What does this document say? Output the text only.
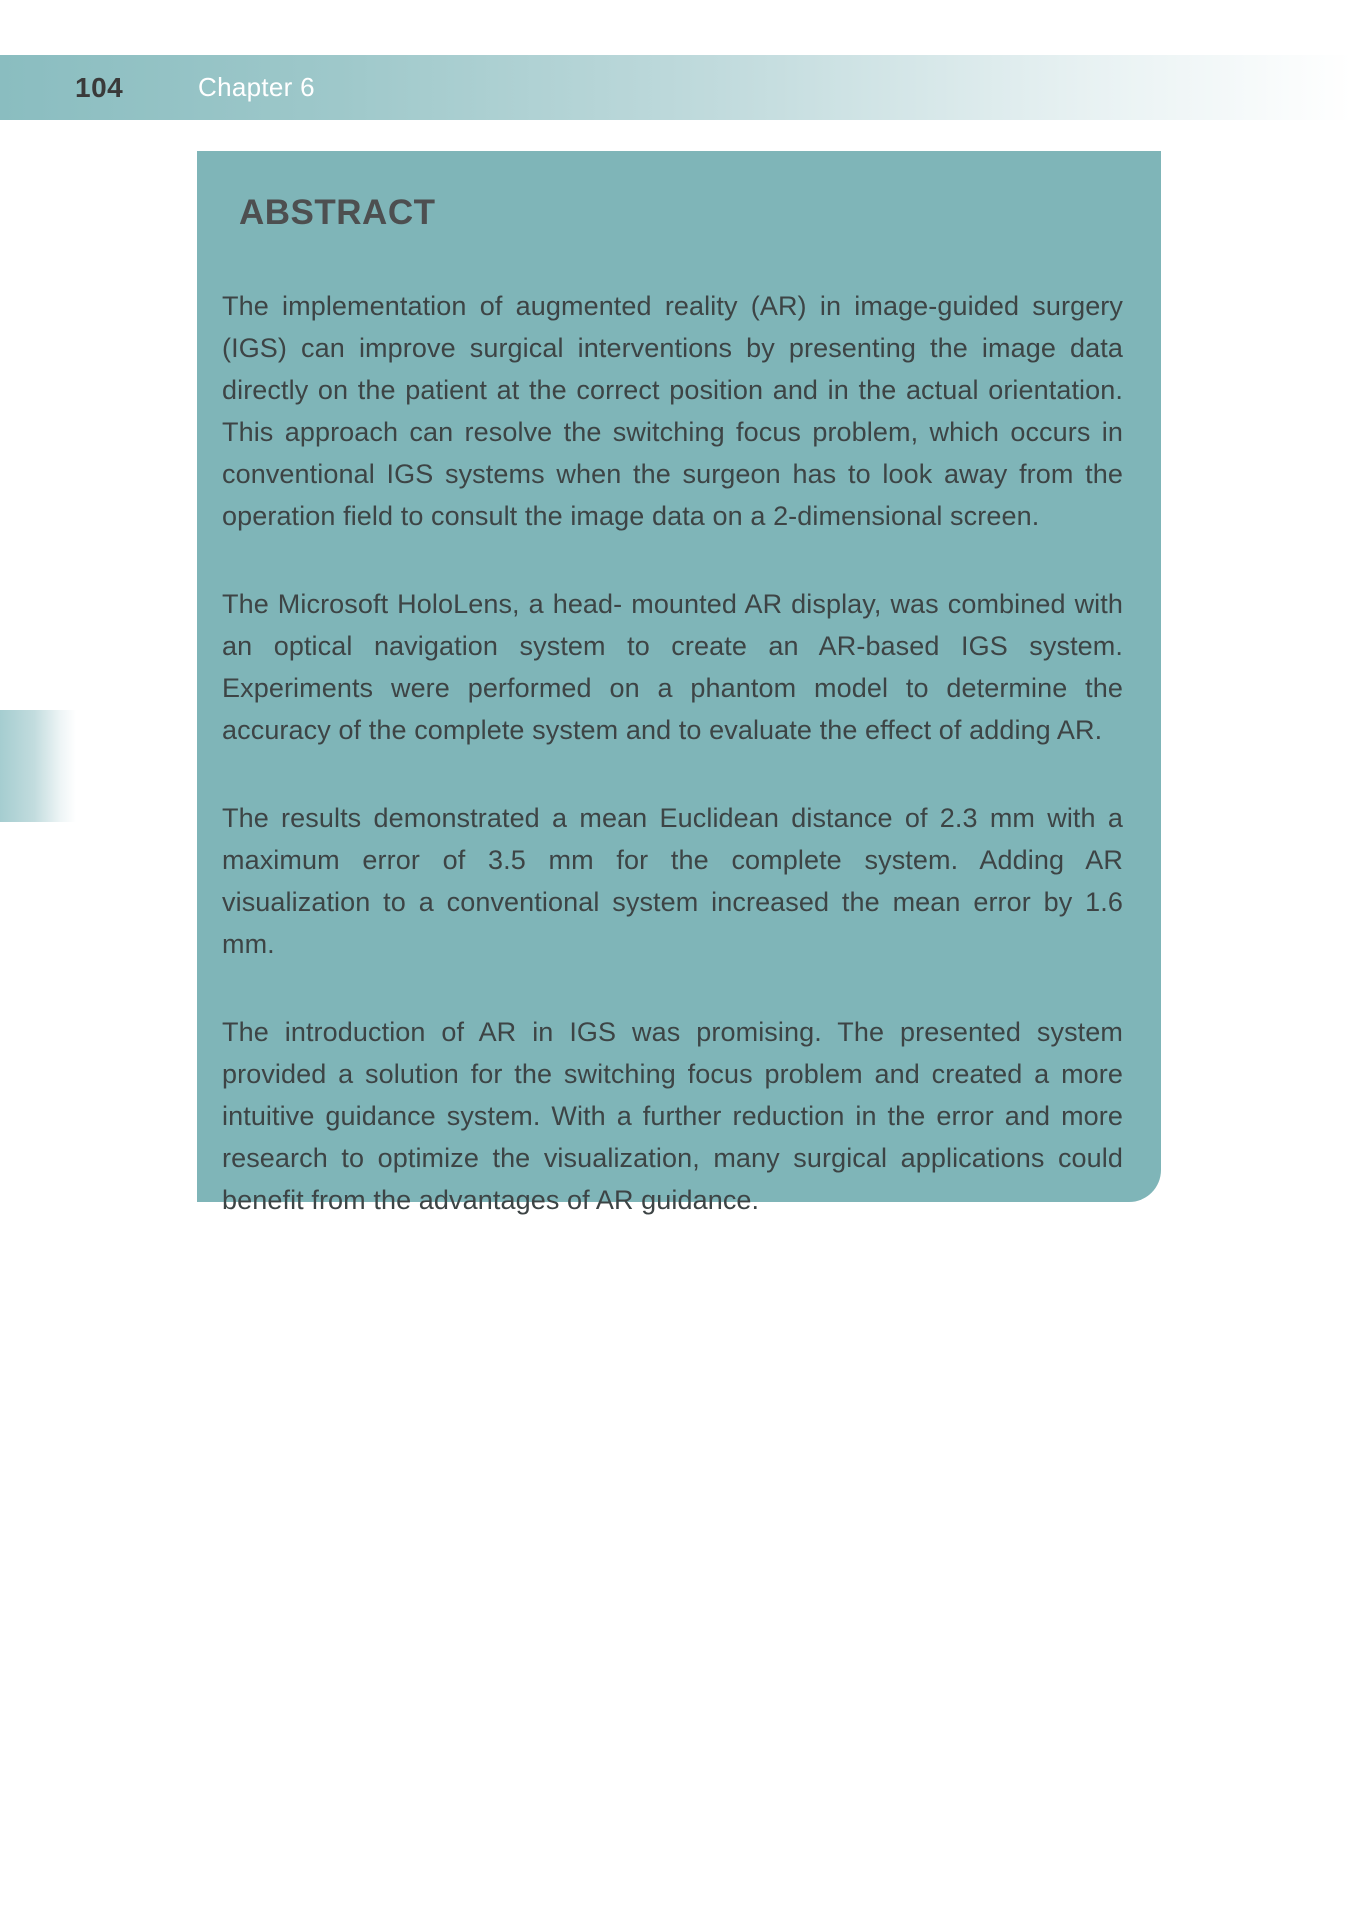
104	Chapter 6
ABSTRACT

The implementation of augmented reality (AR) in image-guided surgery (IGS) can improve surgical interventions by presenting the image data directly on the patient at the correct position and in the actual orientation. This approach can resolve the switching focus problem, which occurs in conventional IGS systems when the surgeon has to look away from the operation field to consult the image data on a 2-dimensional screen.

The Microsoft HoloLens, a head- mounted AR display, was combined with an optical navigation system to create an AR-based IGS system. Experiments were performed on a phantom model to determine the accuracy of the complete system and to evaluate the effect of adding AR.

The results demonstrated a mean Euclidean distance of 2.3 mm with a maximum error of 3.5 mm for the complete system. Adding AR visualization to a conventional system increased the mean error by 1.6 mm.

The introduction of AR in IGS was promising. The presented system provided a solution for the switching focus problem and created a more intuitive guidance system. With a further reduction in the error and more research to optimize the visualization, many surgical applications could benefit from the advantages of AR guidance.
